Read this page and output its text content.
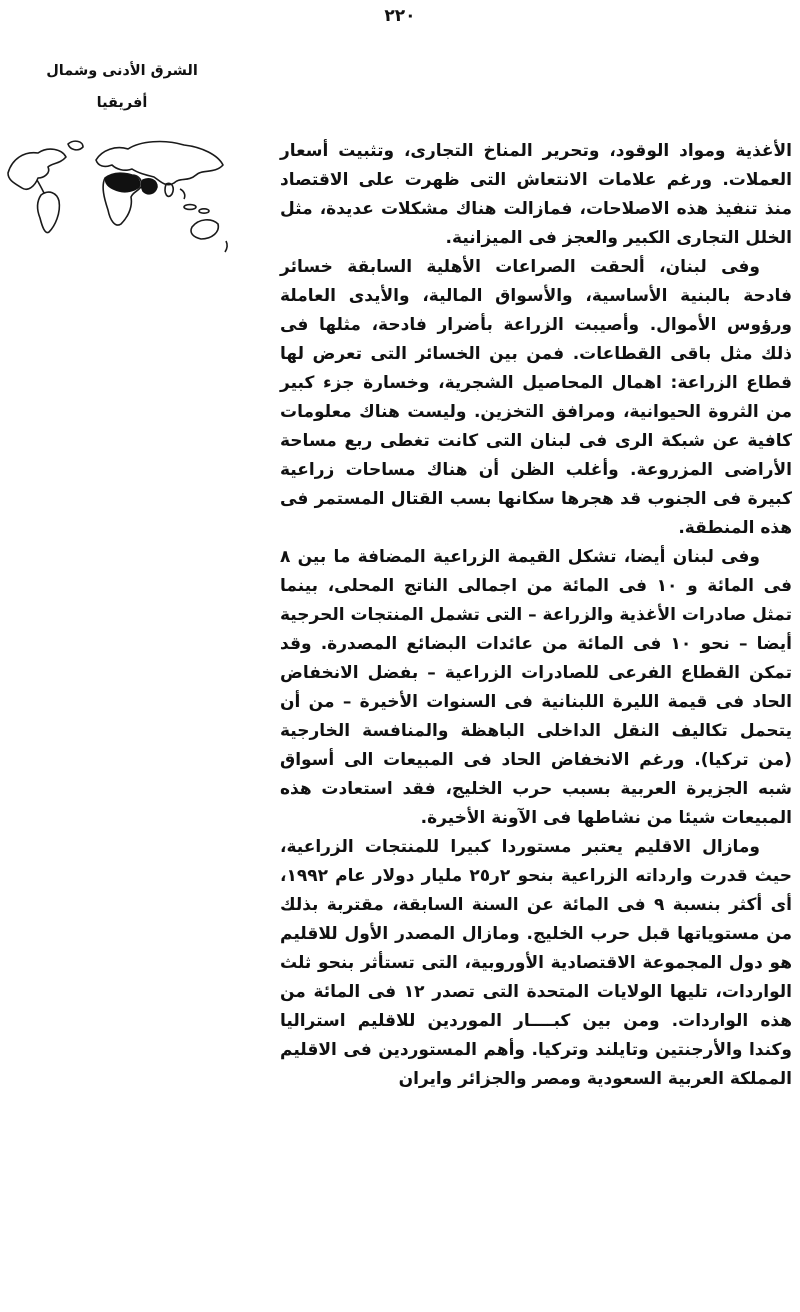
٢٢٠
الشرق الأدنى وشمال
أفريقيا

الأغذية ومواد الوقود، وتحرير المناخ التجارى، وتثبيت أسعار العملات. ورغم علامات الانتعاش التى ظهرت على الاقتصاد منذ تنفيذ هذه الاصلاحات، فمازالت هناك مشكلات عديدة، مثل الخلل التجارى الكبير والعجز فى الميزانية.

وفى لبنان، ألحقت الصراعات الأهلية السابقة خسائر فادحة بالبنية الأساسية، والأسواق المالية، والأيدى العاملة ورؤوس الأموال. وأصيبت الزراعة بأضرار فادحة، مثلها فى ذلك مثل باقى القطاعات. فمن بين الخسائر التى تعرض لها قطاع الزراعة: اهمال المحاصيل الشجرية، وخسارة جزء كبير من الثروة الحيوانية، ومرافق التخزين. وليست هناك معلومات كافية عن شبكة الرى فى لبنان التى كانت تغطى ربع مساحة الأراضى المزروعة. وأغلب الظن أن هناك مساحات زراعية كبيرة فى الجنوب قد هجرها سكانها بسب القتال المستمر فى هذه المنطقة.

وفى لبنان أيضا، تشكل القيمة الزراعية المضافة ما بين ٨ فى المائة و ١٠ فى المائة من اجمالى الناتج المحلى، بينما تمثل صادرات الأغذية والزراعة – التى تشمل المنتجات الحرجية أيضا – نحو ١٠ فى المائة من عائدات البضائع المصدرة. وقد تمكن القطاع الفرعى للصادرات الزراعية – بفضل الانخفاض الحاد فى قيمة الليرة اللبنانية فى السنوات الأخيرة – من أن يتحمل تكاليف النقل الداخلى الباهظة والمنافسة الخارجية (من تركيا). ورغم الانخفاض الحاد فى المبيعات الى أسواق شبه الجزيرة العربية بسبب حرب الخليج، فقد استعادت هذه المبيعات شيئا من نشاطها فى الآونة الأخيرة.

ومازال الاقليم يعتبر مستوردا كبيرا للمنتجات الزراعية، حيث قدرت وارداته الزراعية بنحو ٢ر٢٥ مليار دولار عام ١٩٩٢، أى أكثر بنسبة ٩ فى المائة عن السنة السابقة، مقتربة بذلك من مستوياتها قبل حرب الخليج. ومازال المصدر الأول للاقليم هو دول المجموعة الاقتصادية الأوروبية، التى تستأثر بنحو ثلث الواردات، تليها الولايات المتحدة التى تصدر ١٢ فى المائة من هذه الواردات. ومن بين كبــــار الموردين للاقليم استراليا وكندا والأرجنتين وتايلند وتركيا. وأهم المستوردين فى الاقليم المملكة العربية السعودية ومصر والجزائر وايران
